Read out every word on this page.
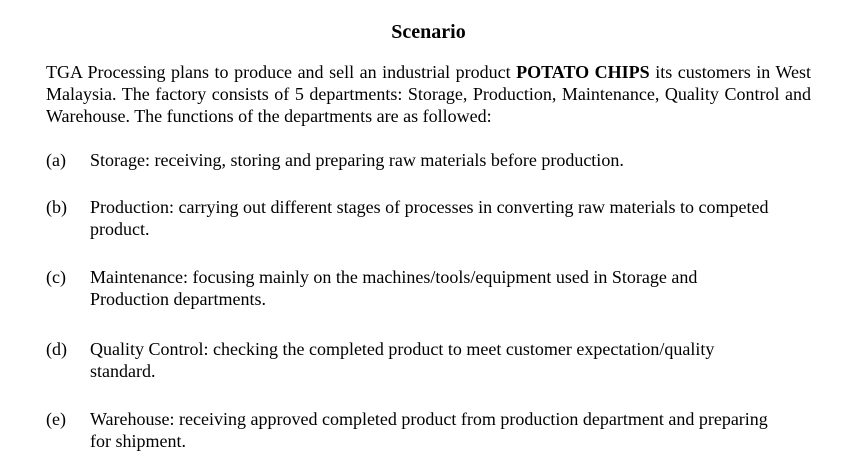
Scenario
TGA Processing plans to produce and sell an industrial product POTATO CHIPS its customers in West Malaysia. The factory consists of 5 departments: Storage, Production, Maintenance, Quality Control and Warehouse. The functions of the departments are as followed:
(a)	Storage: receiving, storing and preparing raw materials before production.
(b)	Production: carrying out different stages of processes in converting raw materials to competed product.
(c)	Maintenance: focusing mainly on the machines/tools/equipment used in Storage and Production departments.
(d)	Quality Control: checking the completed product to meet customer expectation/quality standard.
(e)	Warehouse: receiving approved completed product from production department and preparing for shipment.
